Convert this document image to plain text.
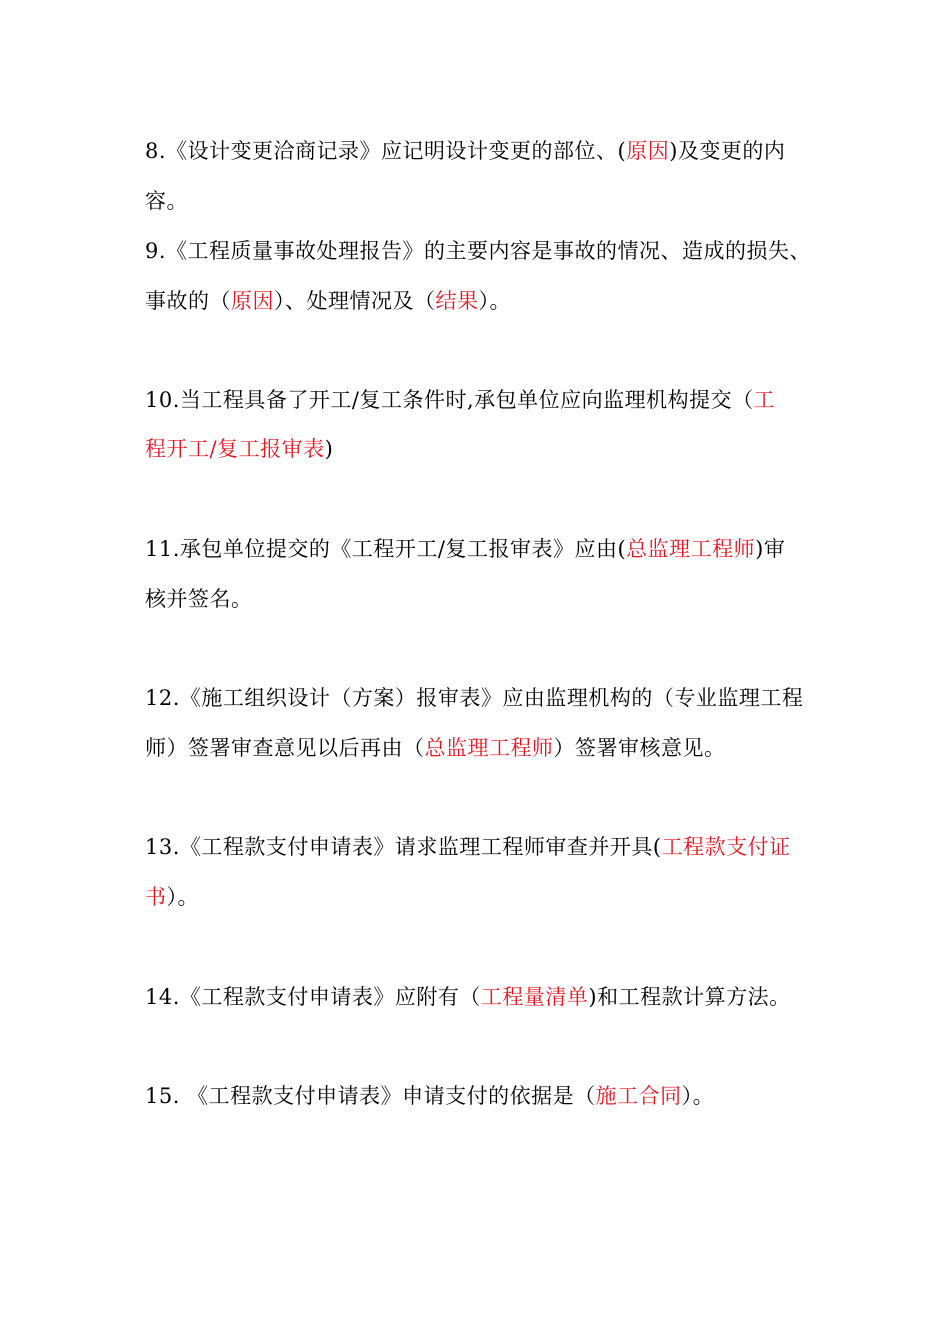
8.《设计变更洽商记录》应记明设计变更的部位、(原因)及变更的内
容。
9.《工程质量事故处理报告》的主要内容是事故的情况、造成的损失、
事故的（原因）、处理情况及（结果）。
10.当工程具备了开工/复工条件时,承包单位应向监理机构提交（工
程开工/复工报审表)
11.承包单位提交的《工程开工/复工报审表》应由(总监理工程师)审
核并签名。
12.《施工组织设计（方案）报审表》应由监理机构的（专业监理工程
师）签署审查意见以后再由（总监理工程师）签署审核意见。
13.《工程款支付申请表》请求监理工程师审查并开具(工程款支付证
书）。
14.《工程款支付申请表》应附有（工程量清单)和工程款计算方法。
15. 《工程款支付申请表》申请支付的依据是（施工合同）。
